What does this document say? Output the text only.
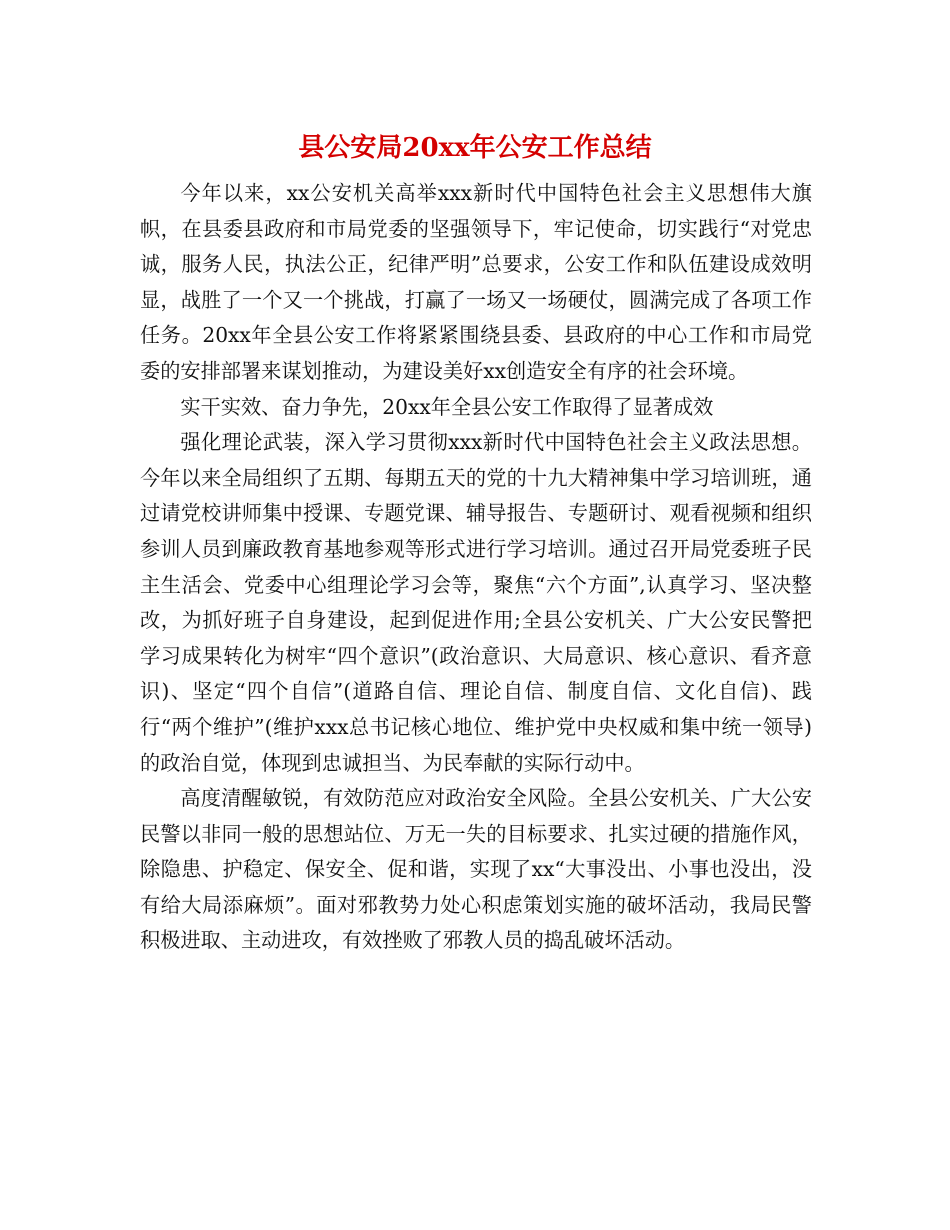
县公安局20xx年公安工作总结

今年以来，xx公安机关高举xxx新时代中国特色社会主义思想伟大旗帜，在县委县政府和市局党委的坚强领导下，牢记使命，切实践行“对党忠诚，服务人民，执法公正，纪律严明”总要求，公安工作和队伍建设成效明显，战胜了一个又一个挑战，打赢了一场又一场硬仗，圆满完成了各项工作任务。20xx年全县公安工作将紧紧围绕县委、县政府的中心工作和市局党委的安排部署来谋划推动，为建设美好xx创造安全有序的社会环境。

实干实效、奋力争先，20xx年全县公安工作取得了显著成效

强化理论武装，深入学习贯彻xxx新时代中国特色社会主义政法思想。今年以来全局组织了五期、每期五天的党的十九大精神集中学习培训班，通过请党校讲师集中授课、专题党课、辅导报告、专题研讨、观看视频和组织参训人员到廉政教育基地参观等形式进行学习培训。通过召开局党委班子民主生活会、党委中心组理论学习会等，聚焦“六个方面”,认真学习、坚决整改，为抓好班子自身建设，起到促进作用;全县公安机关、广大公安民警把学习成果转化为树牢“四个意识”(政治意识、大局意识、核心意识、看齐意识)、坚定“四个自信”(道路自信、理论自信、制度自信、文化自信)、践行“两个维护”(维护xxx总书记核心地位、维护党中央权威和集中统一领导)的政治自觉，体现到忠诚担当、为民奉献的实际行动中。

高度清醒敏锐，有效防范应对政治安全风险。全县公安机关、广大公安民警以非同一般的思想站位、万无一失的目标要求、扎实过硬的措施作风，除隐患、护稳定、保安全、促和谐，实现了xx“大事没出、小事也没出，没有给大局添麻烦”。面对邪教势力处心积虑策划实施的破坏活动，我局民警积极进取、主动进攻，有效挫败了邪教人员的捣乱破坏活动。
